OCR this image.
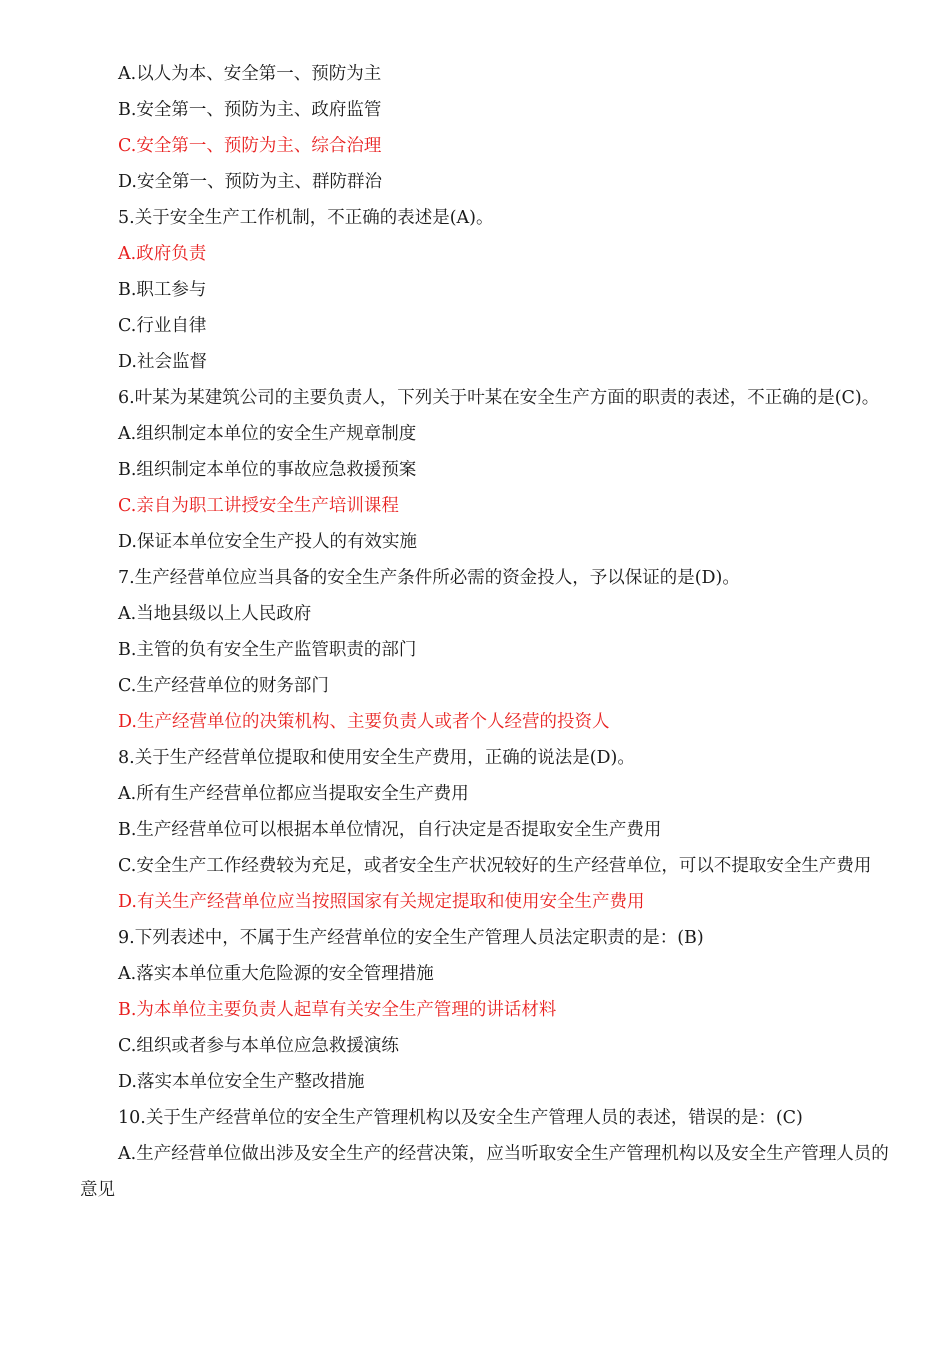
A.以人为本、安全第一、预防为主

B.安全第一、预防为主、政府监管

C.安全第一、预防为主、综合治理

D.安全第一、预防为主、群防群治

5.关于安全生产工作机制，不正确的表述是(A)。

A.政府负责

B.职工参与

C.行业自律

D.社会监督

6.叶某为某建筑公司的主要负责人，下列关于叶某在安全生产方面的职责的表述，不正确的是(C)。

A.组织制定本单位的安全生产规章制度

B.组织制定本单位的事故应急救援预案

C.亲自为职工讲授安全生产培训课程

D.保证本单位安全生产投人的有效实施

7.生产经营单位应当具备的安全生产条件所必需的资金投人，予以保证的是(D)。

A.当地县级以上人民政府

B.主管的负有安全生产监管职责的部门

C.生产经营单位的财务部门

D.生产经营单位的决策机构、主要负责人或者个人经营的投资人

8.关于生产经营单位提取和使用安全生产费用，正确的说法是(D)。

A.所有生产经营单位都应当提取安全生产费用

B.生产经营单位可以根据本单位情况，自行决定是否提取安全生产费用

C.安全生产工作经费较为充足，或者安全生产状况较好的生产经营单位，可以不提取安全生产费用

D.有关生产经营单位应当按照国家有关规定提取和使用安全生产费用

9.下列表述中，不属于生产经营单位的安全生产管理人员法定职责的是：(B)

A.落实本单位重大危险源的安全管理措施

B.为本单位主要负责人起草有关安全生产管理的讲话材料

C.组织或者参与本单位应急救援演练

D.落实本单位安全生产整改措施

10.关于生产经营单位的安全生产管理机构以及安全生产管理人员的表述，错误的是：(C)

A.生产经营单位做出涉及安全生产的经营决策，应当听取安全生产管理机构以及安全生产管理人员的意见
